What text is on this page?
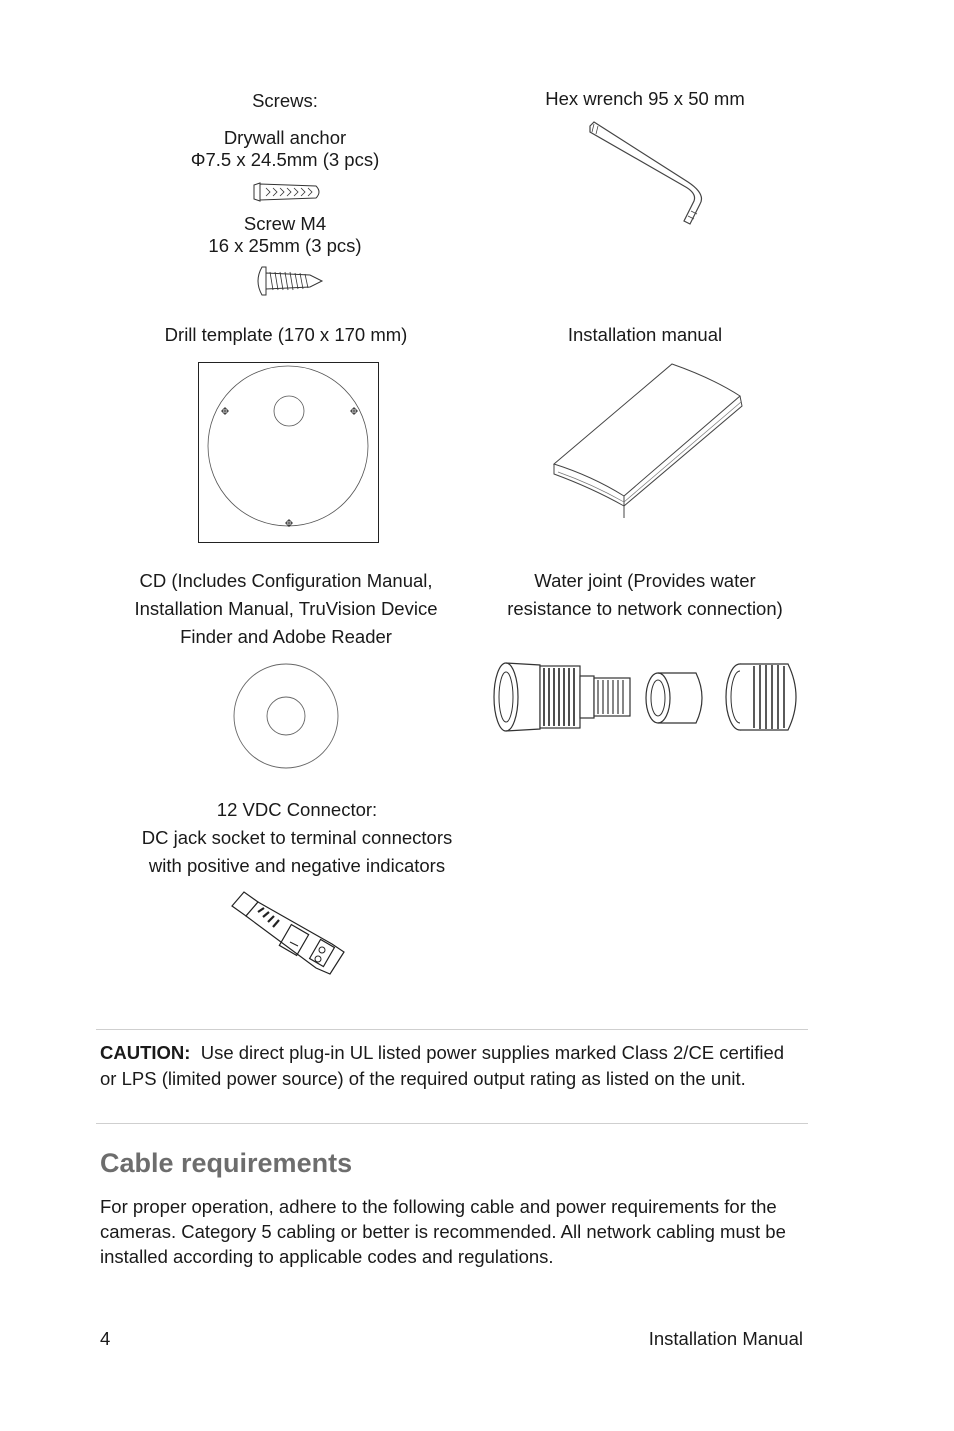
Screws:
Drywall anchor
Φ7.5 x 24.5mm (3 pcs)
Screw M4
16 x 25mm (3 pcs)
Hex wrench 95 x 50 mm
Drill template (170 x 170 mm)	Installation manual
CD (Includes Configuration Manual,
Installation Manual, TruVision Device
Finder and Adobe Reader
Water joint (Provides water
resistance to network connection)
12 VDC Connector:
DC jack socket to terminal connectors
with positive and negative indicators
CAUTION: Use direct plug-in UL listed power supplies marked Class 2/CE certified or LPS (limited power source) of the required output rating as listed on the unit.
Cable requirements
For proper operation, adhere to the following cable and power requirements for the cameras. Category 5 cabling or better is recommended. All network cabling must be installed according to applicable codes and regulations.
4	Installation Manual
